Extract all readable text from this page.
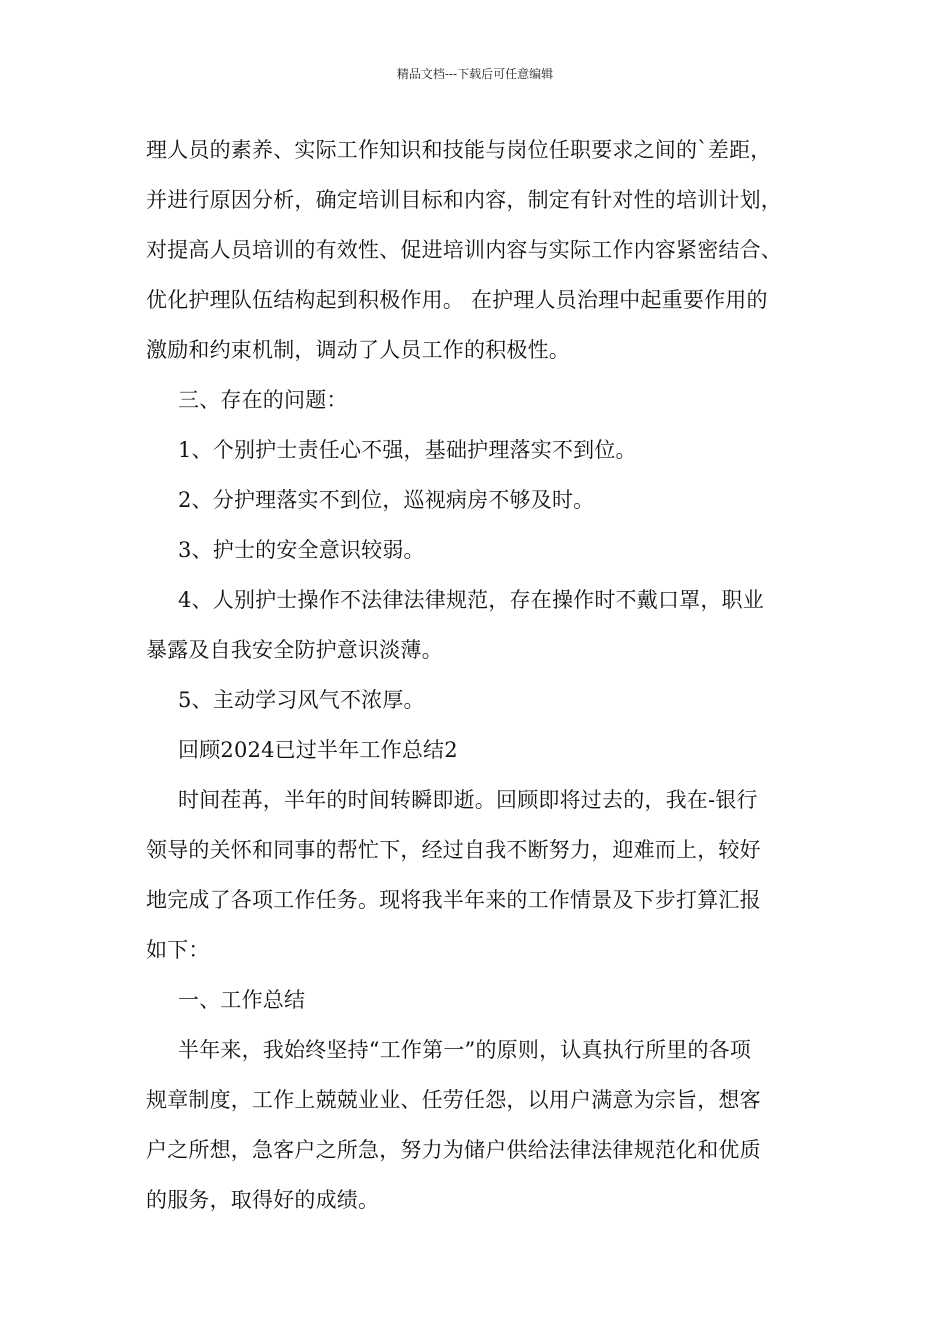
精品文档---下载后可任意编辑
理人员的素养、实际工作知识和技能与岗位任职要求之间的`差距，
并进行原因分析，确定培训目标和内容，制定有针对性的培训计划，
对提高人员培训的有效性、促进培训内容与实际工作内容紧密结合、
优化护理队伍结构起到积极作用。 在护理人员治理中起重要作用的
激励和约束机制，调动了人员工作的积极性。
三、存在的问题：
1、个别护士责任心不强，基础护理落实不到位。
2、分护理落实不到位，巡视病房不够及时。
3、护士的安全意识较弱。
4、人别护士操作不法律法律规范，存在操作时不戴口罩，职业
暴露及自我安全防护意识淡薄。
5、主动学习风气不浓厚。
回顾2024已过半年工作总结2
时间茬苒，半年的时间转瞬即逝。回顾即将过去的，我在-银行
领导的关怀和同事的帮忙下，经过自我不断努力，迎难而上，较好
地完成了各项工作任务。现将我半年来的工作情景及下步打算汇报
如下：
一、工作总结
半年来，我始终坚持“工作第一”的原则，认真执行所里的各项
规章制度，工作上兢兢业业、任劳任怨，以用户满意为宗旨，想客
户之所想，急客户之所急，努力为储户供给法律法律规范化和优质
的服务，取得好的成绩。
